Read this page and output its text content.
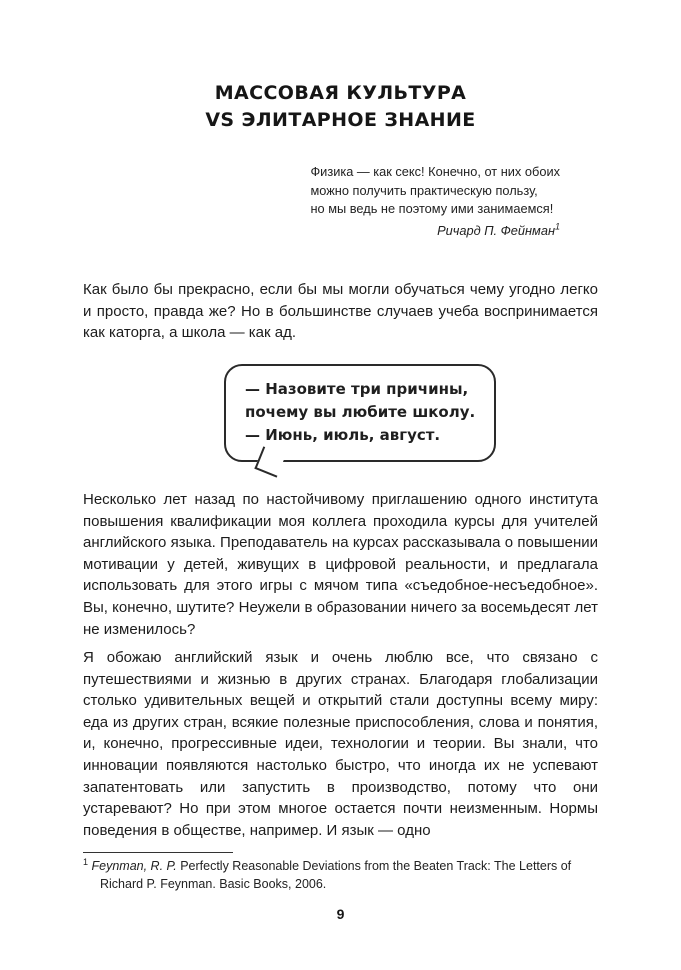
МАССОВАЯ КУЛЬТУРА
VS ЭЛИТАРНОЕ ЗНАНИЕ
Физика — как секс! Конечно, от них обоих
можно получить практическую пользу,
но мы ведь не поэтому ими занимаемся!
Ричард П. Фейнман$^1$

Как было бы прекрасно, если бы мы могли обучаться чему угодно легко и просто, правда же? Но в большинстве случаев учеба воспринимается как каторга, а школа — как ад.

— Назовите три причины,
почему вы любите школу.
— Июнь, июль, август.

Несколько лет назад по настойчивому приглашению одного института повышения квалификации моя коллега проходила курсы для учителей английского языка. Преподаватель на курсах рассказывала о повышении мотивации у детей, живущих в цифровой реальности, и предлагала использовать для этого игры с мячом типа «съедобное-несъедобное». Вы, конечно, шутите? Неужели в образовании ничего за восемьдесят лет не изменилось?

Я обожаю английский язык и очень люблю все, что связано с путешествиями и жизнью в других странах. Благодаря глобализации столько удивительных вещей и открытий стали доступны всему миру: еда из других стран, всякие полезные приспособления, слова и понятия, и, конечно, прогрессивные идеи, технологии и теории. Вы знали, что инновации появляются настолько быстро, что иногда их не успевают запатентовать или запустить в производство, потому что они устаревают? Но при этом многое остается почти неизменным. Нормы поведения в обществе, например. И язык — одно

$^1$ Feynman, R. P. Perfectly Reasonable Deviations from the Beaten Track: The Letters of Richard P. Feynman. Basic Books, 2006.
9
